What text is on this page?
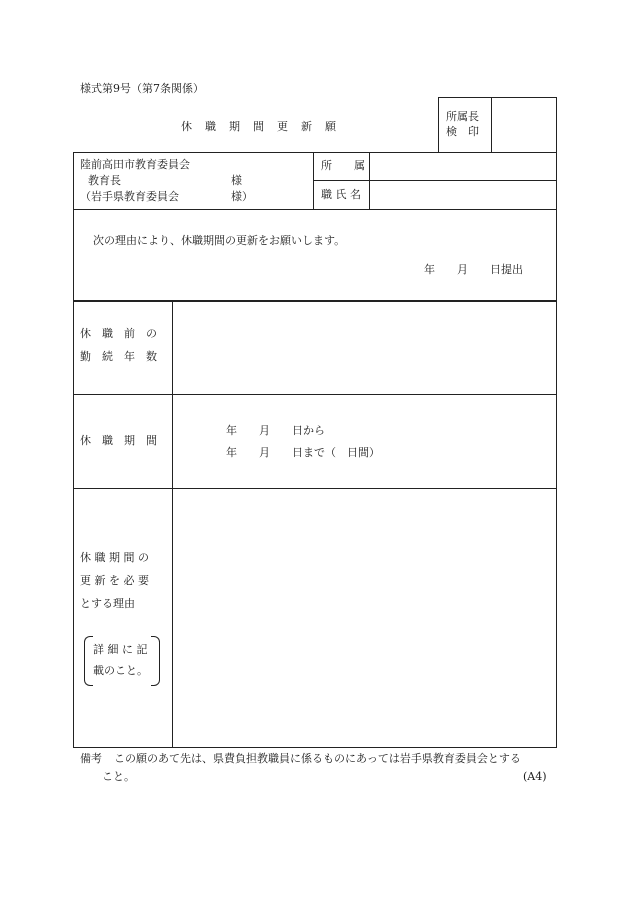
様式第9号（第7条関係）
休　職　期　間　更　新　願
所属長
検　印
陸前高田市教育委員会
教育長	様
（岩手県教育委員会	様）
所　　属
職 氏 名
次の理由により、休職期間の更新をお願いします。
年　　月　　日提出
休　職　前　の
勤　続　年　数
休　職　期　間
年　　月　　日から
年　　月　　日まで（　日間）
休 職 期 間 の
更 新 を 必 要
とする理由
詳 細 に 記
載のこと。
備考 この願のあて先は、県費負担教職員に係るものにあっては岩手県教育委員会とする
こと。	(A4)
